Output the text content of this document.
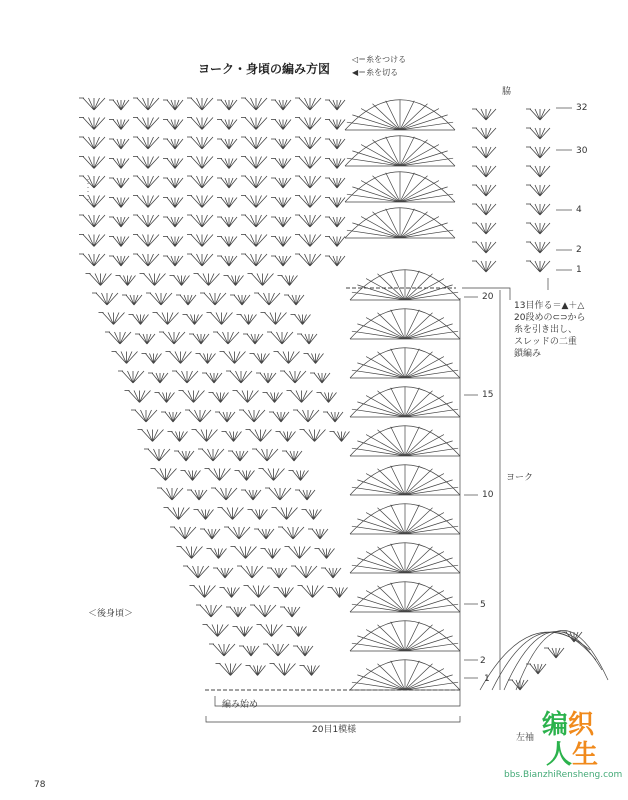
ヨーク・身頃の編み方図
◁＝糸をつける
◀＝糸を切る
脇
32
30
4
2
1
20
15
10
5
2
1
13目作る＝▲＋△
20段めの⊂⊃から
糸を引き出し、
スレッドの二重
鎖編み
ヨーク
＜後身頃＞
編み始め
20目1模様
左袖
78
编织
人生
bbs.BianzhiRensheng.com
